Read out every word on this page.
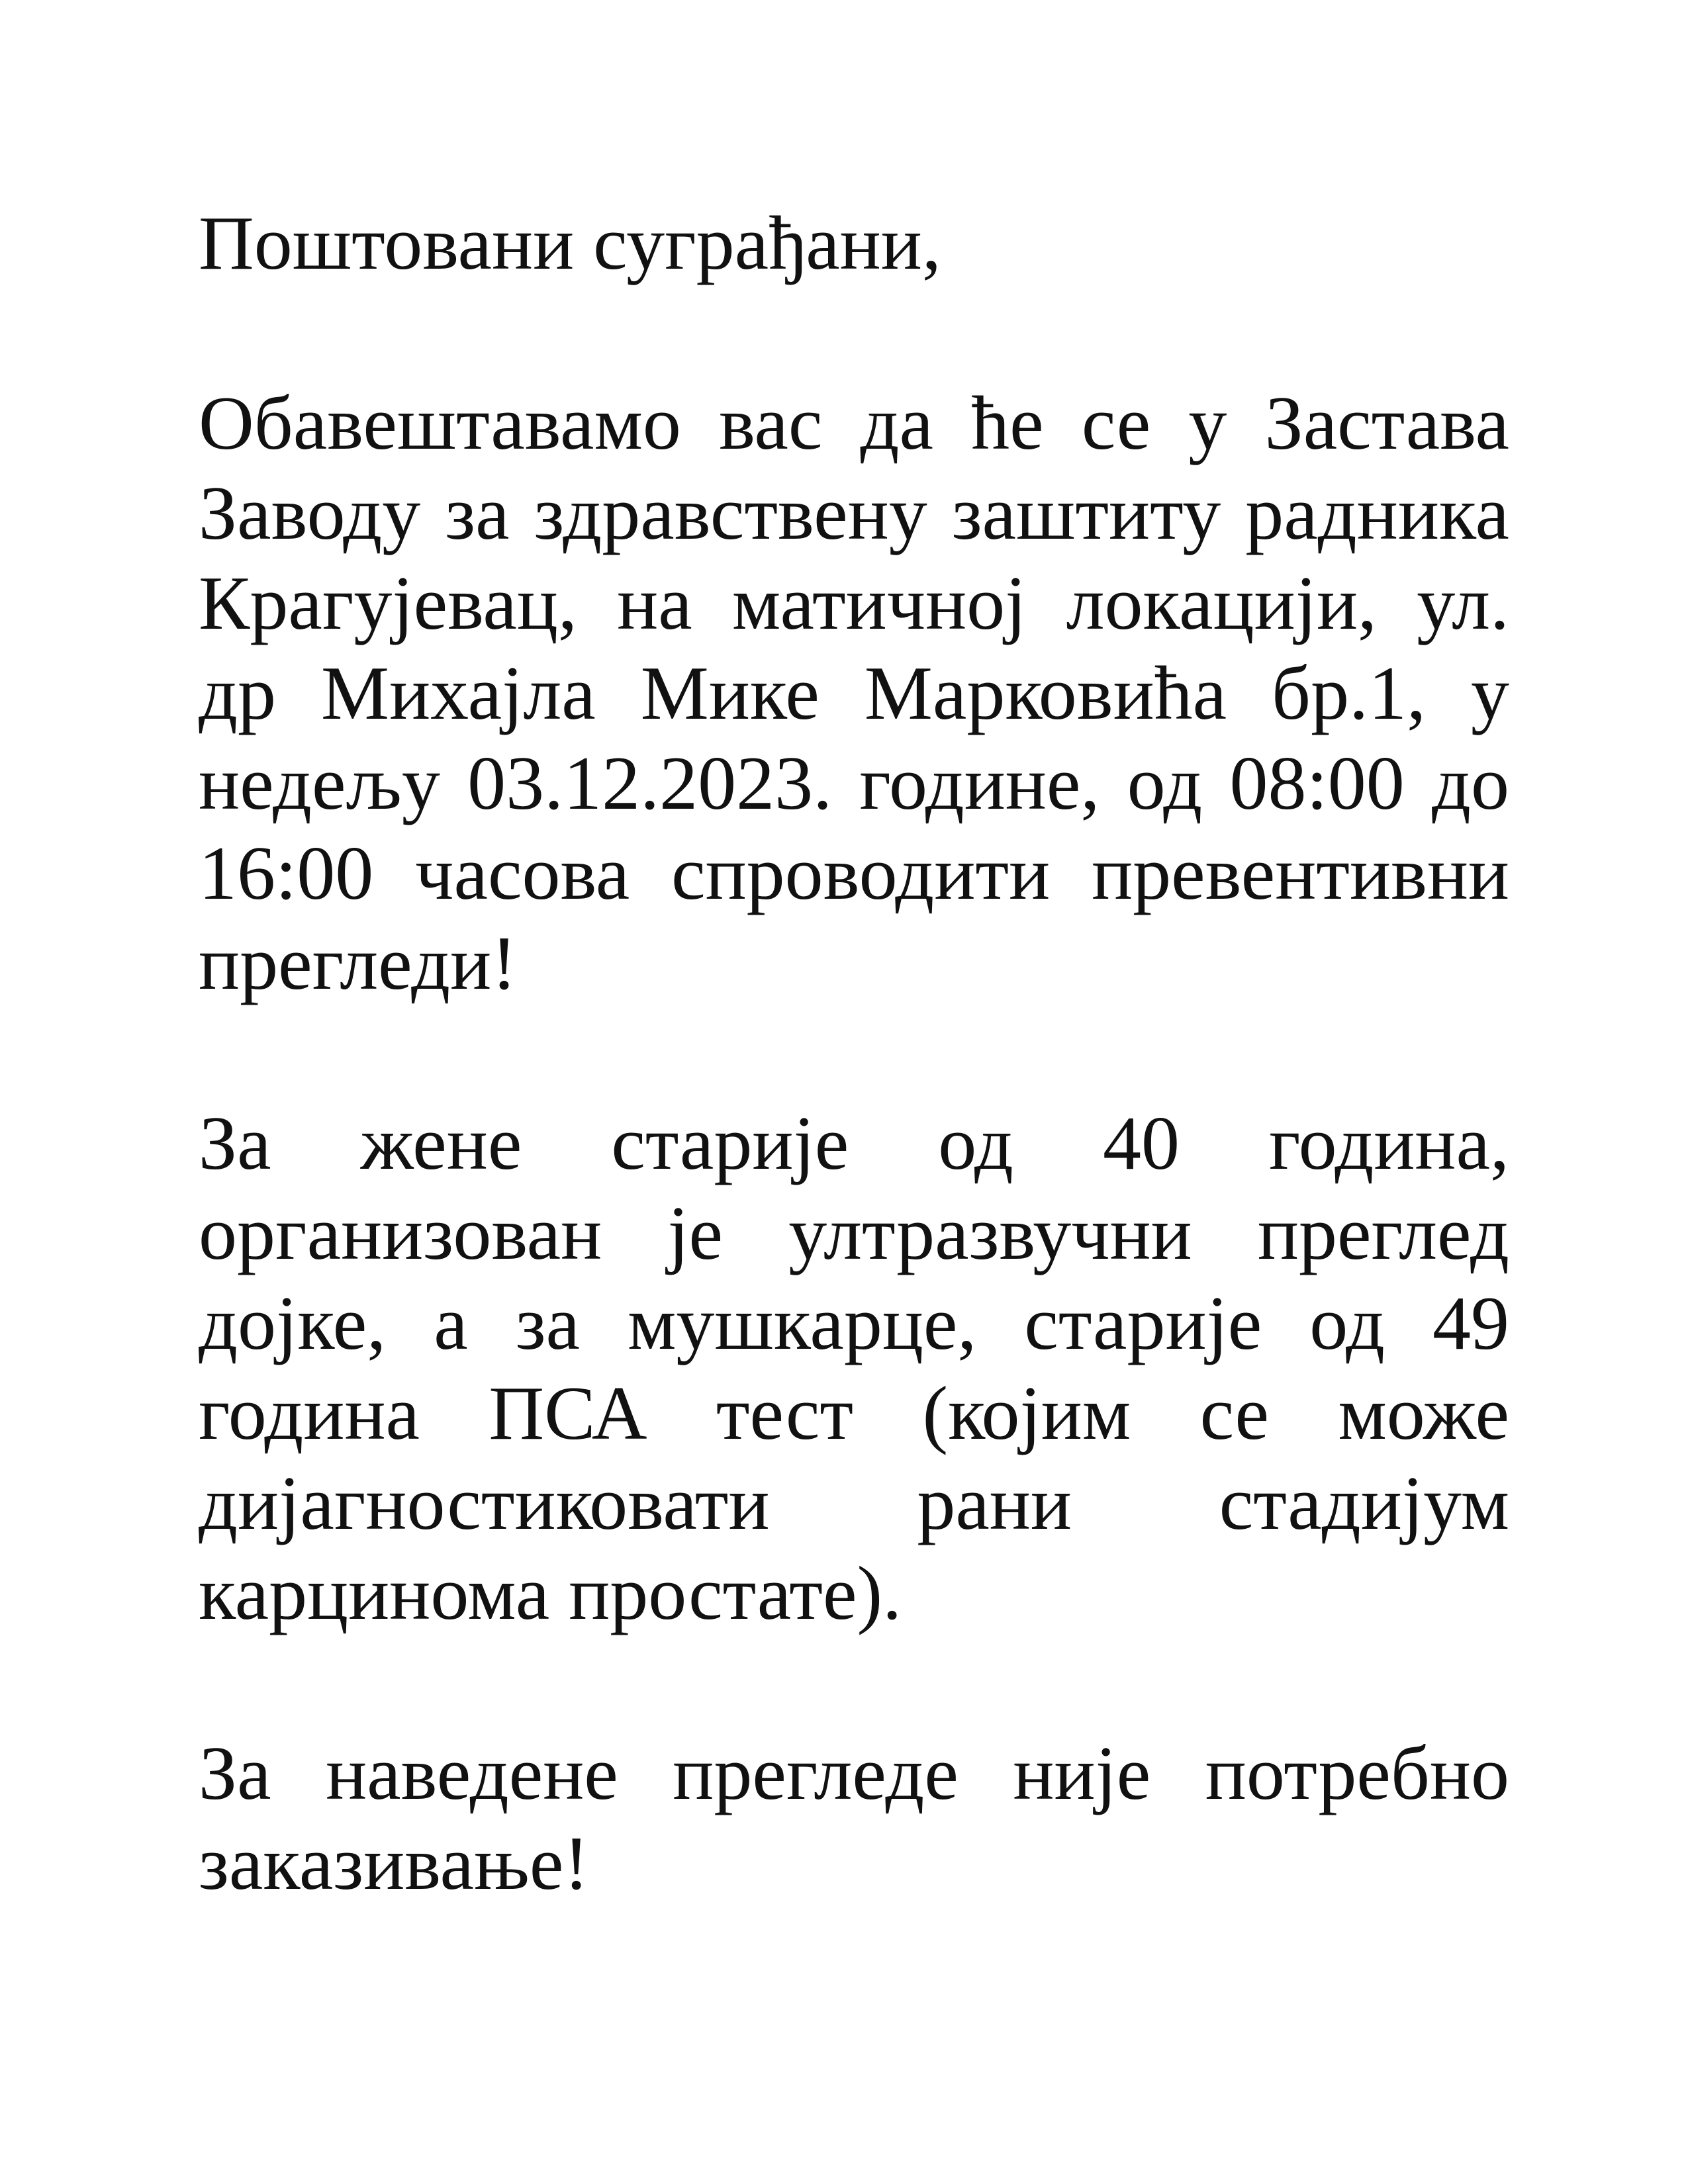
Поштовани суграђани,

Обавештавамо вас да ће се у Застава Заводу за здравствену заштиту радника Крагујевац, на матичној локацији, ул. др Михајла Мике Марковића бр.1, у недељу 03.12.2023. године, од 08:00 до 16:00 часова спроводити превентивни прегледи!

За жене старије од 40 година, организован је ултразвучни преглед дојке, а за мушкарце, старије од 49 година ПСА тест (којим се може дијагностиковати рани стадијум карцинома простате).

За наведене прегледе није потребно заказивање!
